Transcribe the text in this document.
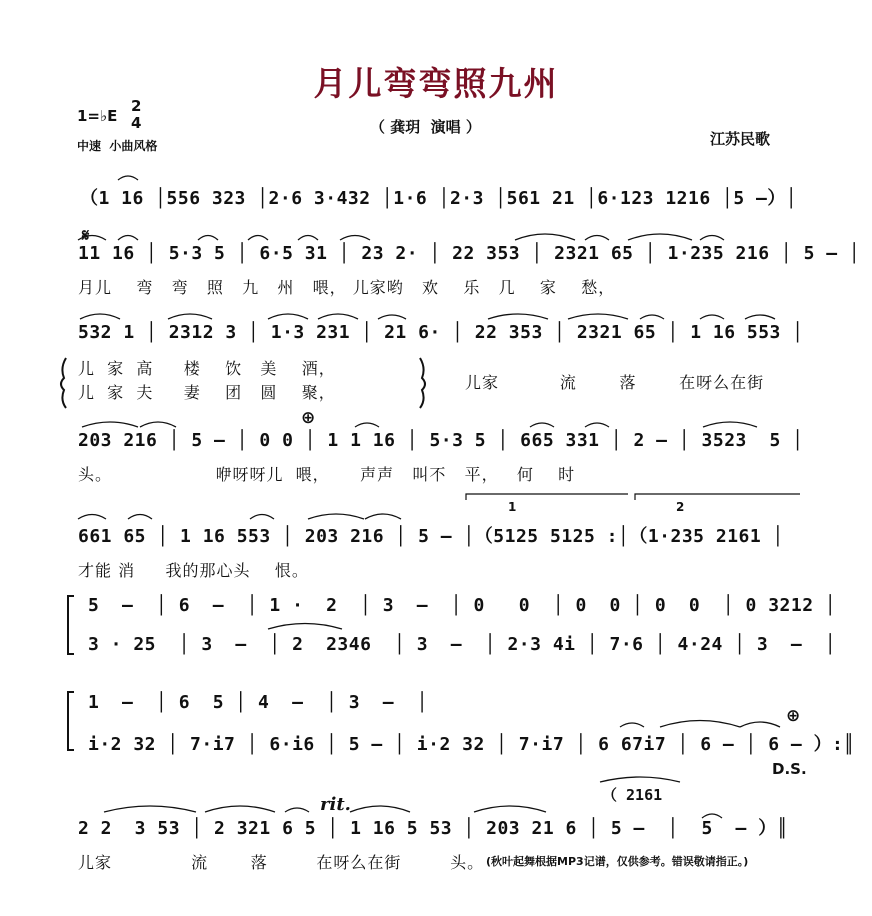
月儿弯弯照九州
1=♭E
2
4
中速  小曲风格
（ 龚玥  演唱 ）
江苏民歌
（1 16 │556 323 │2·6 3·432 │1·6 │2·3 │561 21 │6·123 1216 │5 –）│
𝄋
11 16 │ 5·3 5 │ 6·5 31 │ 23 2· │ 22 353 │ 2321 65 │ 1·235 216 │ 5 – │
月儿    弯   弯   照   九   州   喂， 儿家哟   欢    乐   几    家    愁，
532 1 │ 2312 3 │ 1·3 231 │ 21 6· │ 22 353 │ 2321 65 │ 1 16 553 │
儿  家  高     楼    饮   美    酒，
儿  家  夫     妻    团   圆    聚，
儿家          流       落       在呀么在街
⊕
203 216 │ 5 – │ 0 0 │ 1 1 16 │ 5·3 5 │ 665 331 │ 2 – │ 3523  5 │
头。                 咿呀呀儿  喂，     声声   叫不   平，   何    时
1	2
661 65 │ 1 16 553 │ 203 216 │ 5 – │（5125 5125 :│（1·235 2161 │
才能 消     我的那心头    恨。
5  –  │ 6  –  │ 1 ·  2  │ 3  –  │ 0   0  │ 0  0 │ 0  0  │ 0 3212 │
3 · 25  │ 3  –  │ 2  2346  │ 3  –  │ 2·3 4i │ 7·6 │ 4·24 │ 3  –  │
1  –  │ 6  5 │ 4  –  │ 3  –  │
i·2 32 │ 7·i7 │ 6·i6 │ 5 – │ i·2 32 │ 7·i7 │ 6 67i7 │ 6 – │ 6 – ）:║
⊕
D.S.
rit.	（ 2161
2 2  3 53 │ 2 321 6 5 │ 1 16 5 53 │ 203 21 6 │ 5 –  │  5  – ）║
儿家             流       落        在呀么在街        头。 (秋叶起舞根据MP3记谱，仅供参考。错误敬请指正。)
